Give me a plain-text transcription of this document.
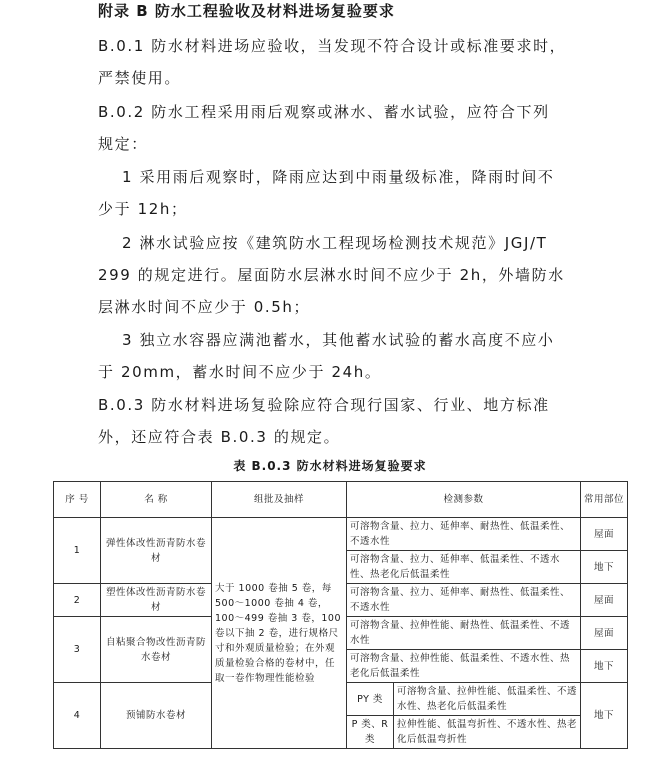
附录 B 防水工程验收及材料进场复验要求
B.0.1 防水材料进场应验收，当发现不符合设计或标准要求时，
严禁使用。
B.0.2 防水工程采用雨后观察或淋水、蓄水试验，应符合下列
规定：
1 采用雨后观察时，降雨应达到中雨量级标准，降雨时间不
少于 12h；
2 淋水试验应按《建筑防水工程现场检测技术规范》JGJ/T
299 的规定进行。屋面防水层淋水时间不应少于 2h，外墙防水
层淋水时间不应少于 0.5h；
3 独立水容器应满池蓄水，其他蓄水试验的蓄水高度不应小
于 20mm，蓄水时间不应少于 24h。
B.0.3 防水材料进场复验除应符合现行国家、行业、地方标准
外，还应符合表 B.0.3 的规定。
表 B.0.3 防水材料进场复验要求
序 号	名 称	组批及抽样	检测参数		常用部位
1	弹性体改性沥青防水卷材	大于 1000 卷抽 5 卷，每 500～1000 卷抽 4 卷，100～499 卷抽 3 卷，100 卷以下抽 2 卷，进行规格尺寸和外观质量检验；在外观质量检验合格的卷材中，任取一卷作物理性能检验	可溶物含量、拉力、延伸率、耐热性、低温柔性、不透水性		屋面
			可溶物含量、拉力、延伸率、低温柔性、不透水性、热老化后低温柔性		地下
2	塑性体改性沥青防水卷材		可溶物含量、拉力、延伸率、耐热性、低温柔性、不透水性		屋面
3	自粘聚合物改性沥青防水卷材		可溶物含量、拉伸性能、耐热性、低温柔性、不透水性		屋面
			可溶物含量、拉伸性能、低温柔性、不透水性、热老化后低温柔性		地下
4	预铺防水卷材		PY 类	可溶物含量、拉伸性能、低温柔性、不透水性、热老化后低温柔性	地下
			P 类、R 类	拉伸性能、低温弯折性、不透水性、热老化后低温弯折性	
